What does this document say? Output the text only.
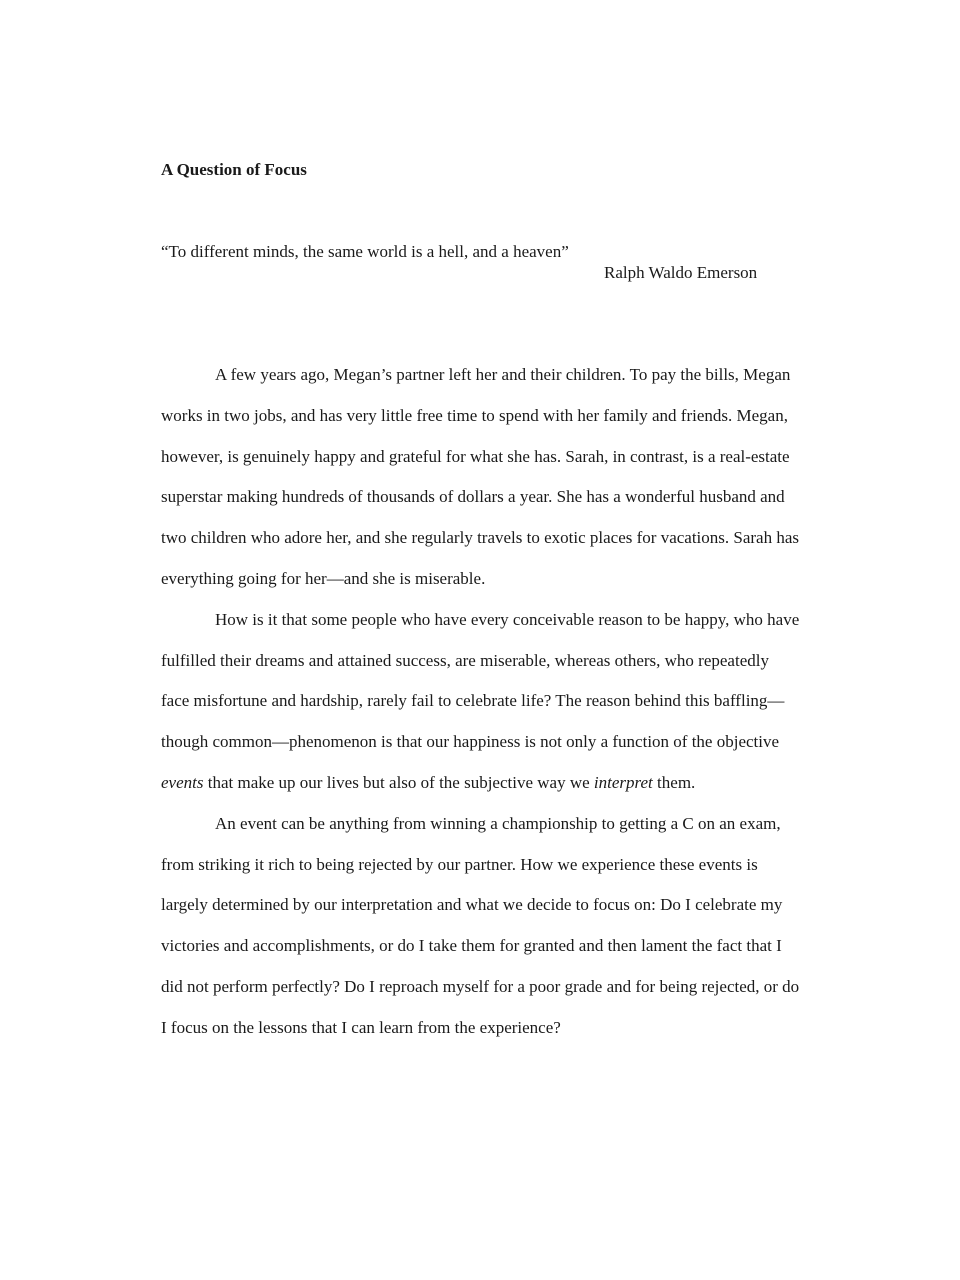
A Question of Focus

“To different minds, the same world is a hell, and a heaven”

Ralph Waldo Emerson

A few years ago, Megan’s partner left her and their children. To pay the bills, Megan works in two jobs, and has very little free time to spend with her family and friends. Megan, however, is genuinely happy and grateful for what she has. Sarah, in contrast, is a real-estate superstar making hundreds of thousands of dollars a year. She has a wonderful husband and two children who adore her, and she regularly travels to exotic places for vacations. Sarah has everything going for her—and she is miserable.

How is it that some people who have every conceivable reason to be happy, who have fulfilled their dreams and attained success, are miserable, whereas others, who repeatedly face misfortune and hardship, rarely fail to celebrate life? The reason behind this baffling—though common—phenomenon is that our happiness is not only a function of the objective events that make up our lives but also of the subjective way we interpret them.

An event can be anything from winning a championship to getting a C on an exam, from striking it rich to being rejected by our partner. How we experience these events is largely determined by our interpretation and what we decide to focus on: Do I celebrate my victories and accomplishments, or do I take them for granted and then lament the fact that I did not perform perfectly? Do I reproach myself for a poor grade and for being rejected, or do I focus on the lessons that I can learn from the experience?
